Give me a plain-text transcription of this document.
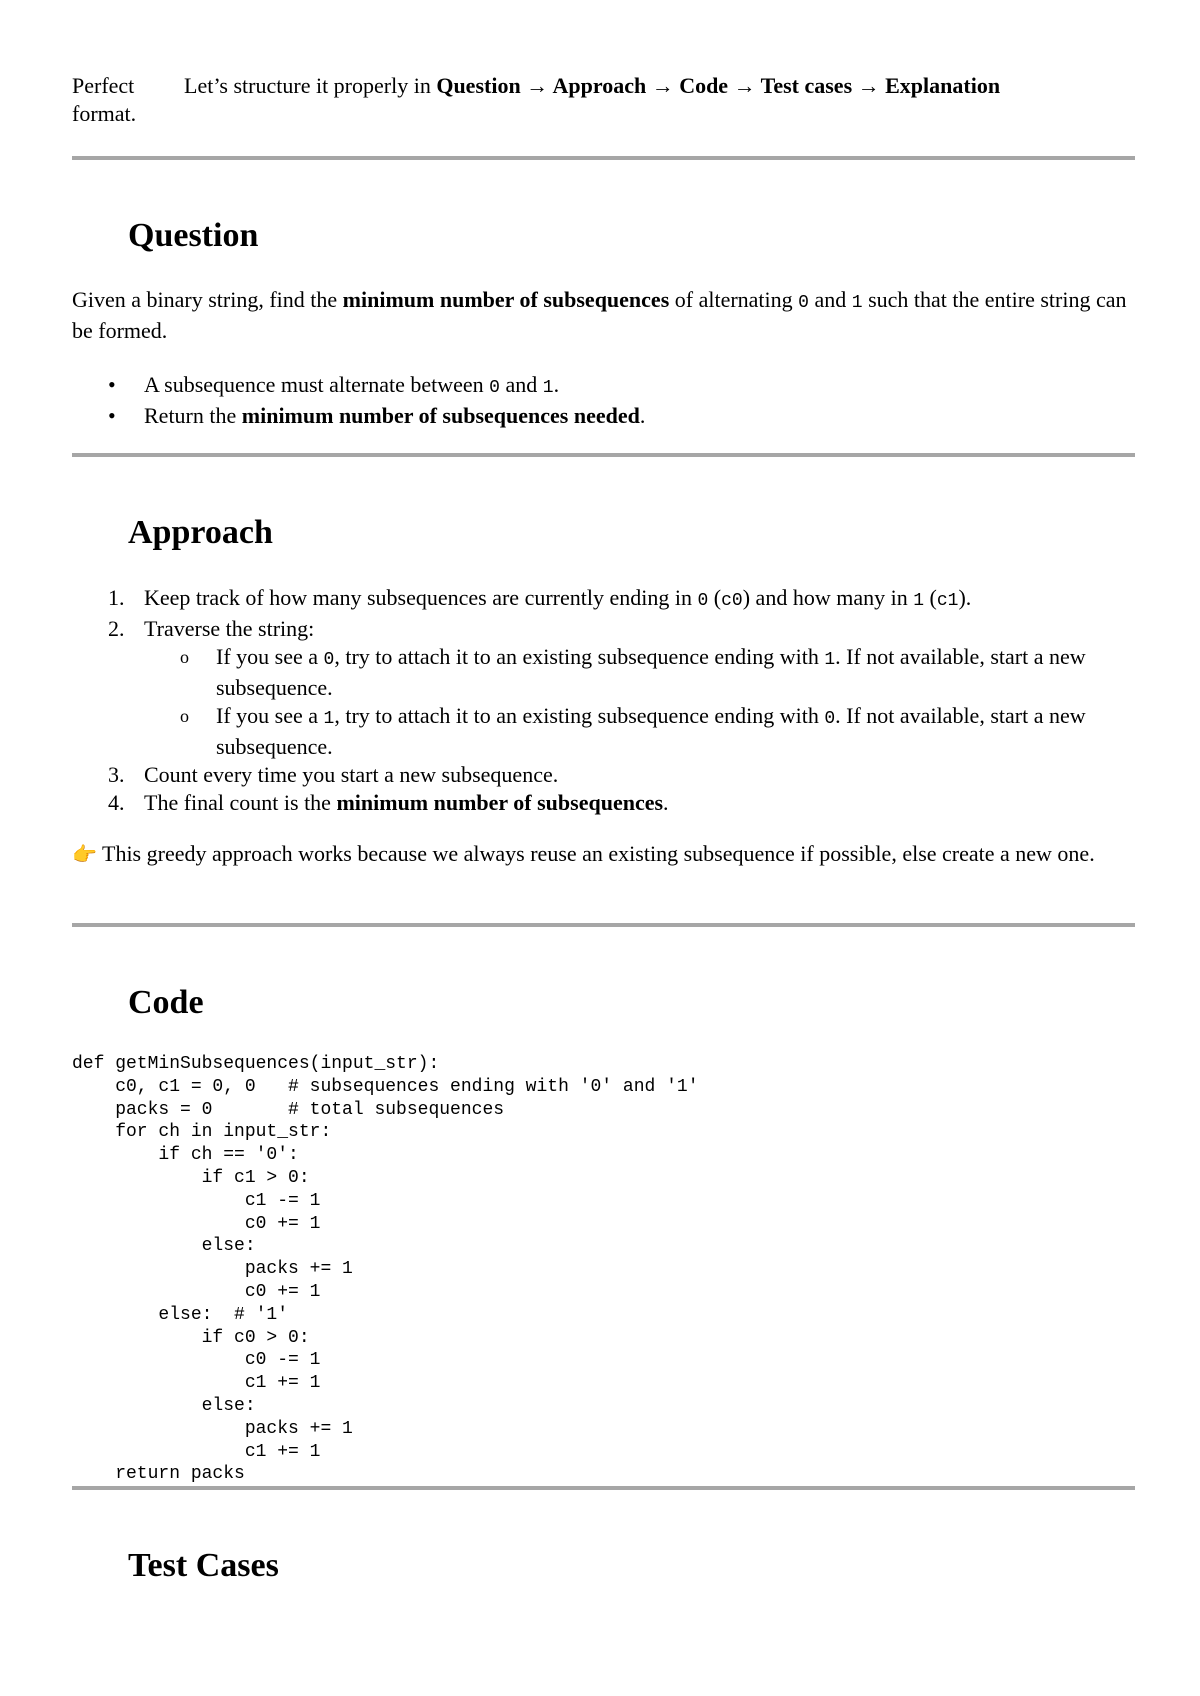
Perfect Let’s structure it properly in Question → Approach → Code → Test cases → Explanation
format.
Question

Given a binary string, find the minimum number of subsequences of alternating 0 and 1 such that the entire string can be formed.

• A subsequence must alternate between 0 and 1.
• Return the minimum number of subsequences needed.
Approach
1. Keep track of how many subsequences are currently ending in 0 (c0) and how many in 1 (c1).
2. Traverse the string:
o If you see a 0, try to attach it to an existing subsequence ending with 1. If not available, start a new subsequence.
o If you see a 1, try to attach it to an existing subsequence ending with 0. If not available, start a new subsequence.
3. Count every time you start a new subsequence.
4. The final count is the minimum number of subsequences.

👉 This greedy approach works because we always reuse an existing subsequence if possible, else create a new one.

Code
def getMinSubsequences(input_str):
c0, c1 = 0, 0   # subsequences ending with '0' and '1'
packs = 0       # total subsequences
for ch in input_str:
if ch == '0':
if c1 > 0:
c1 -= 1
c0 += 1
else:
packs += 1
c0 += 1
else:  # '1'
if c0 > 0:
c0 -= 1
c1 += 1
else:
packs += 1
c1 += 1
return packs
Test Cases
